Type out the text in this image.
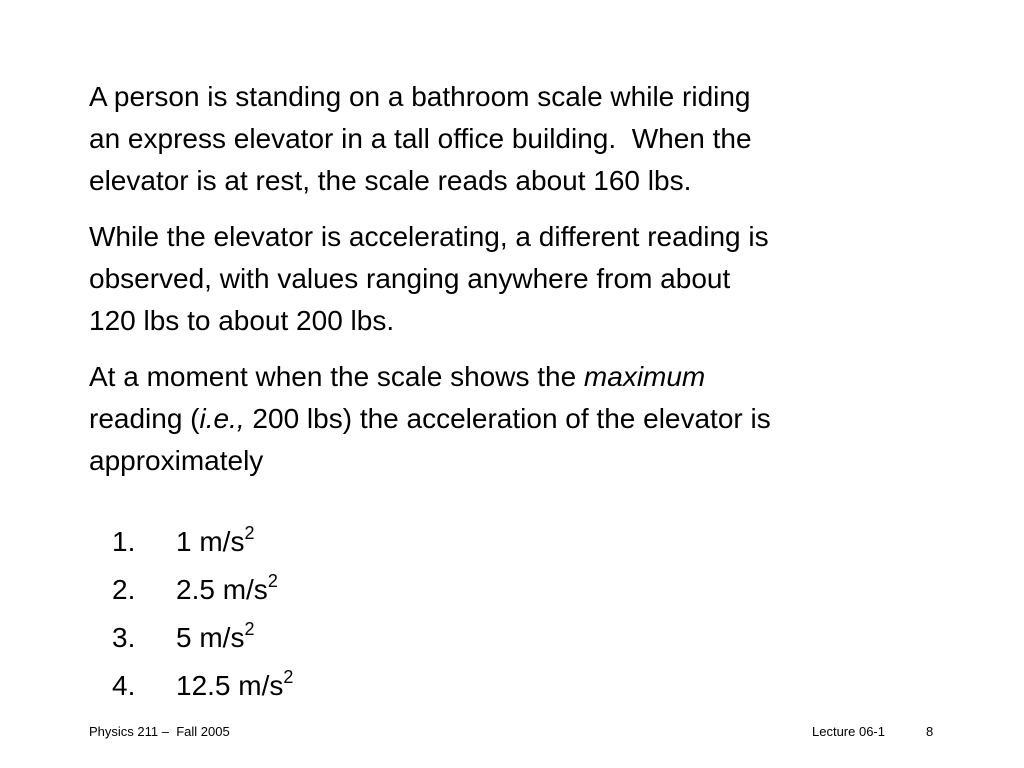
A person is standing on a bathroom scale while riding
an express elevator in a tall office building.  When the
elevator is at rest, the scale reads about 160 lbs.
While the elevator is accelerating, a different reading is
observed, with values ranging anywhere from about
120 lbs to about 200 lbs.
At a moment when the scale shows the maximum
reading (i.e., 200 lbs) the acceleration of the elevator is
approximately
1.	1 $m/s^2$
2.	2.5 $m/s^2$
3.	5 $m/s^2$
4.	12.5 $m/s^2$
Physics 211 –  Fall 2005	Lecture 06-1	8
